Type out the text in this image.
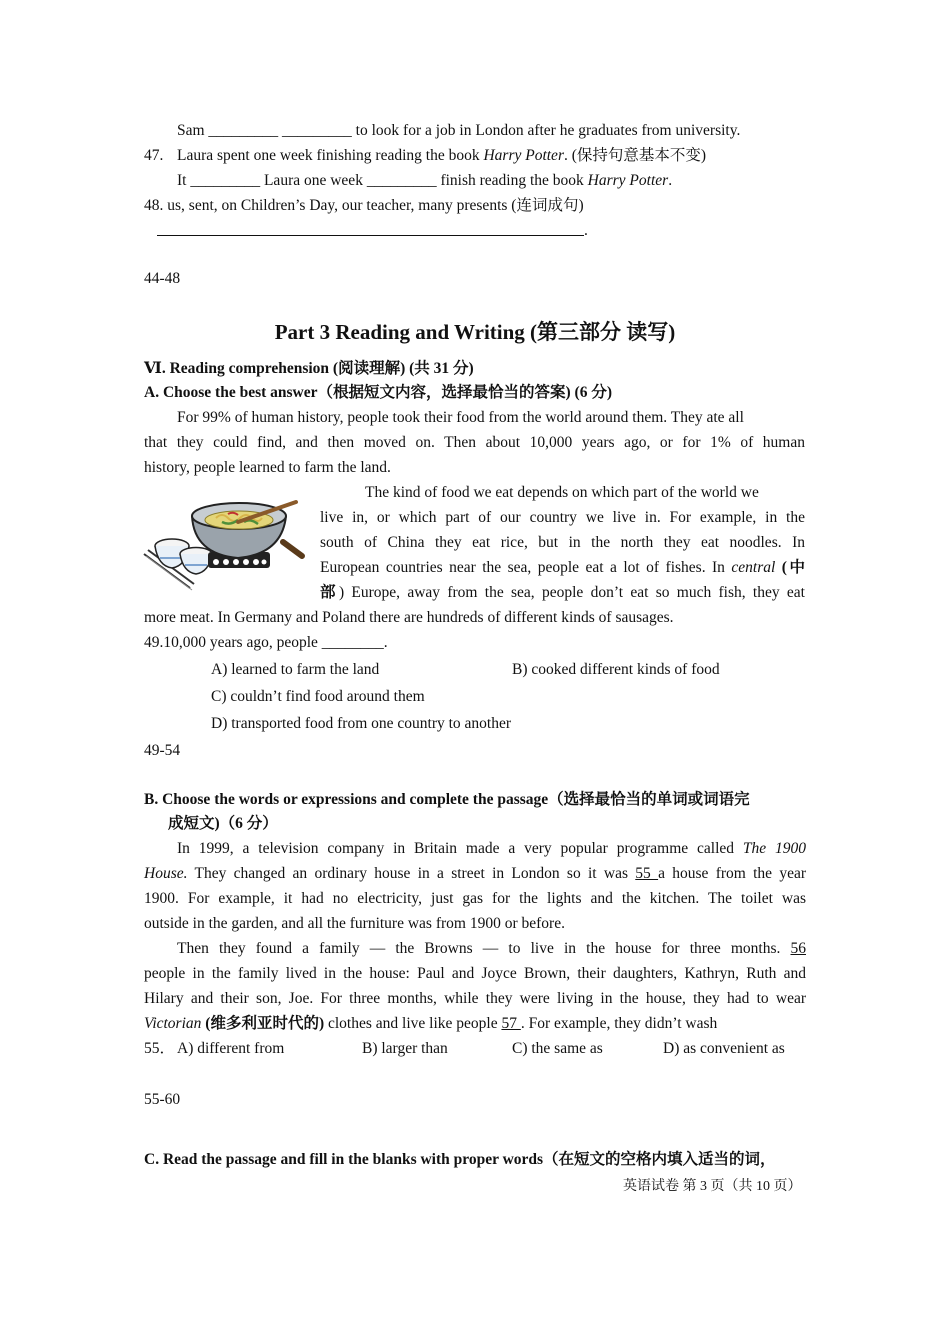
Sam _________ _________ to look for a job in London after he graduates from university.
47. Laura spent one week finishing reading the book Harry Potter. (保持句意基本不变)
It _________ Laura one week _________ finish reading the book Harry Potter.
48. us, sent, on Children’s Day, our teacher, many presents (连词成句)
.
44-48
Part 3 Reading and Writing (第三部分 读写)
Ⅵ. Reading comprehension (阅读理解) (共 31 分)
A. Choose the best answer（根据短文内容，选择最恰当的答案) (6 分)
For 99% of human history, people took their food from the world around them. They ate all
that they could find, and then moved on. Then about 10,000 years ago, or for 1% of human
history, people learned to farm the land.
The kind of food we eat depends on which part of the world we
live in, or which part of our country we live in. For example, in the
south of China they eat rice, but in the north they eat noodles. In
European countries near the sea, people eat a lot of fishes. In central (中
部) Europe, away from the sea, people don’t eat so much fish, they eat
more meat. In Germany and Poland there are hundreds of different kinds of sausages.
49.10,000 years ago, people ________.
A) learned to farm the land	B) cooked different kinds of food
C) couldn’t find food around them
D) transported food from one country to another
49-54
B. Choose the words or expressions and complete the passage（选择最恰当的单词或词语完
成短文)（6 分）
In 1999, a television company in Britain made a very popular programme called The 1900
House. They changed an ordinary house in a street in London so it was 55 a house from the year
1900. For example, it had no electricity, just gas for the lights and the kitchen. The toilet was
outside in the garden, and all the furniture was from 1900 or before.
Then they found a family — the Browns — to live in the house for three months. 56
people in the family lived in the house: Paul and Joyce Brown, their daughters, Kathryn, Ruth and
Hilary and their son, Joe. For three months, while they were living in the house, they had to wear
Victorian (维多利亚时代的) clothes and live like people 57 . For example, they didn’t wash
55． A) different from	B) larger than	C) the same as	D) as convenient as
55-60
C. Read the passage and fill in the blanks with proper words（在短文的空格内填入适当的词，
英语试卷 第 3 页（共 10 页）
